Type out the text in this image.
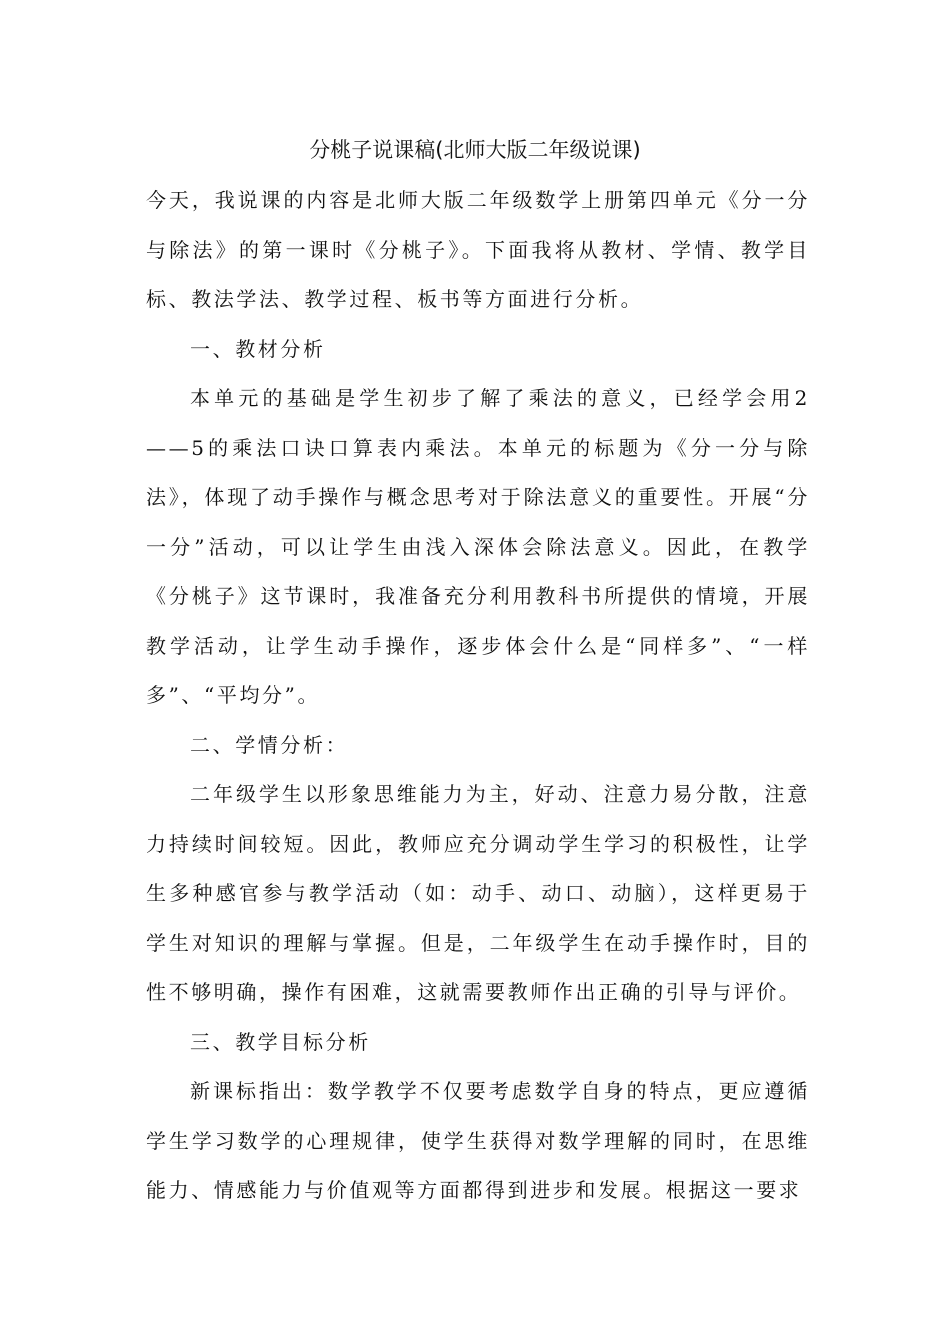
分桃子说课稿(北师大版二年级说课)

今天，我说课的内容是北师大版二年级数学上册第四单元《分一分与除法》的第一课时《分桃子》。下面我将从教材、学情、教学目标、教法学法、教学过程、板书等方面进行分析。

一、教材分析

本单元的基础是学生初步了解了乘法的意义，已经学会用2——5的乘法口诀口算表内乘法。本单元的标题为《分一分与除法》，体现了动手操作与概念思考对于除法意义的重要性。开展“分一分”活动，可以让学生由浅入深体会除法意义。因此，在教学《分桃子》这节课时，我准备充分利用教科书所提供的情境，开展教学活动，让学生动手操作，逐步体会什么是“同样多”、“一样多”、“平均分”。

二、学情分析：

二年级学生以形象思维能力为主，好动、注意力易分散，注意力持续时间较短。因此，教师应充分调动学生学习的积极性，让学生多种感官参与教学活动（如：动手、动口、动脑），这样更易于学生对知识的理解与掌握。但是，二年级学生在动手操作时，目的性不够明确，操作有困难，这就需要教师作出正确的引导与评价。

三、教学目标分析

新课标指出：数学教学不仅要考虑数学自身的特点，更应遵循学生学习数学的心理规律，使学生获得对数学理解的同时，在思维能力、情感能力与价值观等方面都得到进步和发展。根据这一要求
